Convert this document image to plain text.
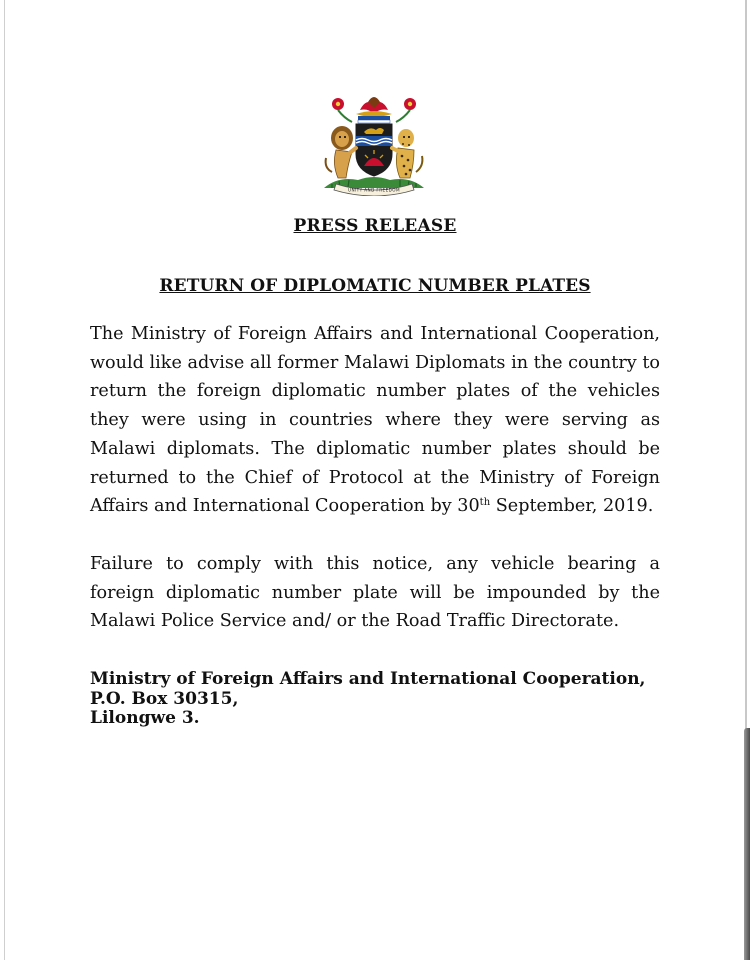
UNITY AND FREEDOM
PRESS RELEASE
RETURN OF DIPLOMATIC NUMBER PLATES

The Ministry of Foreign Affairs and International Cooperation, would like advise all former Malawi Diplomats in the country to return the foreign diplomatic number plates of the vehicles they were using in countries where they were serving as Malawi diplomats. The diplomatic number plates should be returned to the Chief of Protocol at the Ministry of Foreign Affairs and International Cooperation by 30th September, 2019.

Failure to comply with this notice, any vehicle bearing a foreign diplomatic number plate will be impounded by the Malawi Police Service and/ or the Road Traffic Directorate.

Ministry of Foreign Affairs and International Cooperation,
P.O. Box 30315,
Lilongwe 3.
